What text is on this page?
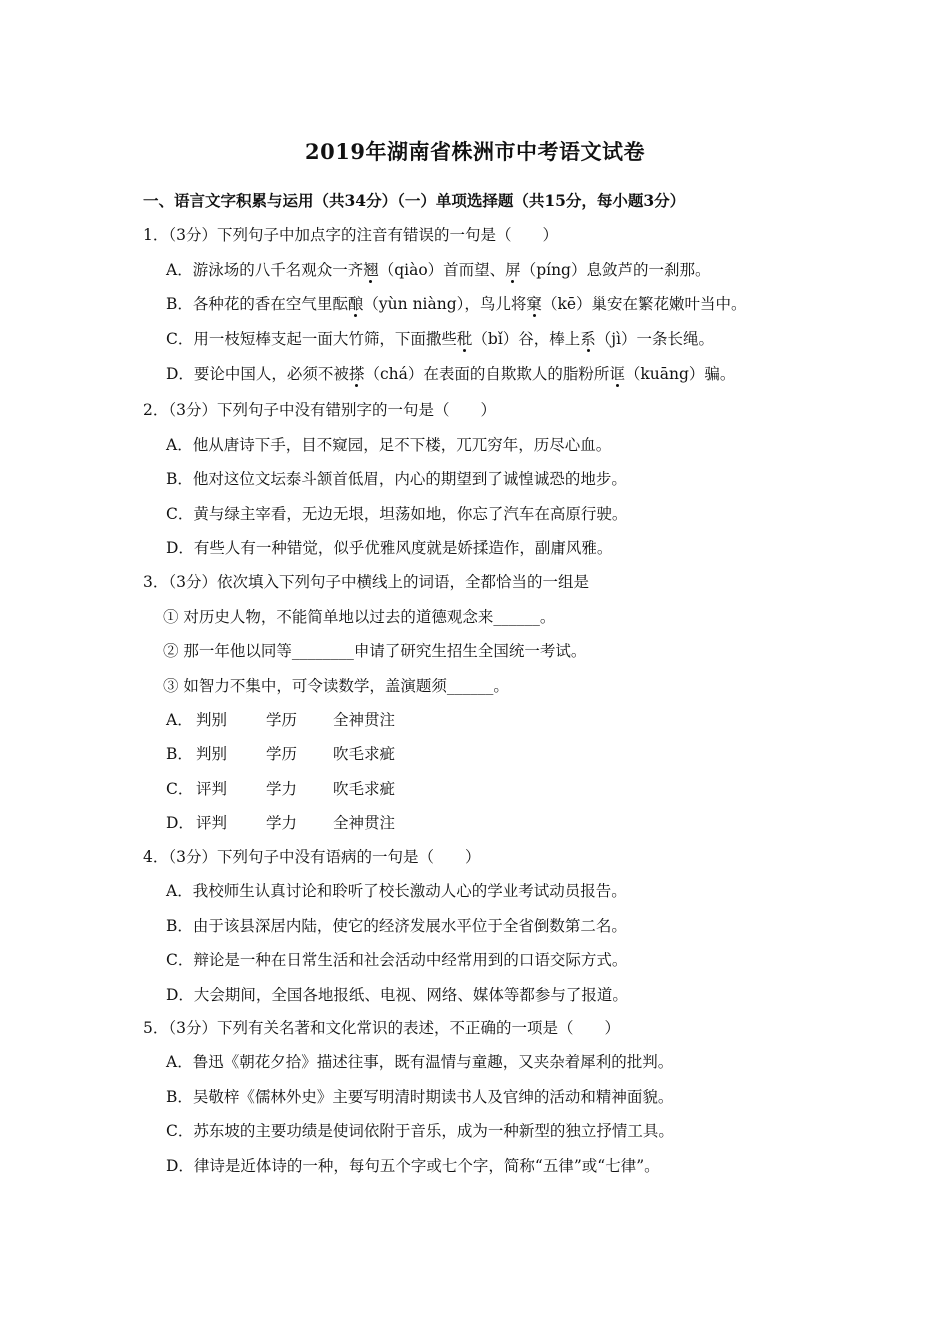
2019年湖南省株洲市中考语文试卷
一、语言文字积累与运用（共34分）（一）单项选择题（共15分，每小题3分）
1．（3分）下列句子中加点字的注音有错误的一句是（　　）
A．游泳场的八千名观众一齐翘（qiào）首而望、屏（píng）息敛芦的一刹那。
B．各种花的香在空气里酝酿（yùn niàng），鸟儿将窠（kē）巢安在繁花嫩叶当中。
C．用一枝短棒支起一面大竹筛，下面撒些秕（bǐ）谷，棒上系（jì）一条长绳。
D．要论中国人，必须不被搽（chá）在表面的自欺欺人的脂粉所诓（kuāng）骗。
2．（3分）下列句子中没有错别字的一句是（　　）
A．他从唐诗下手，目不窥园，足不下楼，兀兀穷年，历尽心血。
B．他对这位文坛泰斗颔首低眉，内心的期望到了诚惶诚恐的地步。
C．黄与绿主宰看，无边无垠，坦荡如地，你忘了汽车在高原行驶。
D．有些人有一种错觉，似乎优雅风度就是娇揉造作，副庸风雅。
3．（3分）依次填入下列句子中横线上的词语，全都恰当的一组是
① 对历史人物，不能简单地以过去的道德观念来______。
② 那一年他以同等________申请了研究生招生全国统一考试。
③ 如智力不集中，可令读数学，盖演题须______。
A． 判别	学历 全神贯注
B． 判别	学历 吹毛求疵
C． 评判	学力 吹毛求疵
D． 评判	学力 全神贯注
4．（3分）下列句子中没有语病的一句是（　　）
A．我校师生认真讨论和聆听了校长激动人心的学业考试动员报告。
B．由于该县深居内陆，使它的经济发展水平位于全省倒数第二名。
C．辩论是一种在日常生活和社会活动中经常用到的口语交际方式。
D．大会期间，全国各地报纸、电视、网络、媒体等都参与了报道。
5．（3分）下列有关名著和文化常识的表述，不正确的一项是（　　）
A．鲁迅《朝花夕拾》描述往事，既有温情与童趣，又夹杂着犀利的批判。
B．吴敬梓《儒林外史》主要写明清时期读书人及官绅的活动和精神面貌。
C．苏东坡的主要功绩是使词依附于音乐，成为一种新型的独立抒情工具。
D．律诗是近体诗的一种，每句五个字或七个字，简称“五律”或“七律”。
